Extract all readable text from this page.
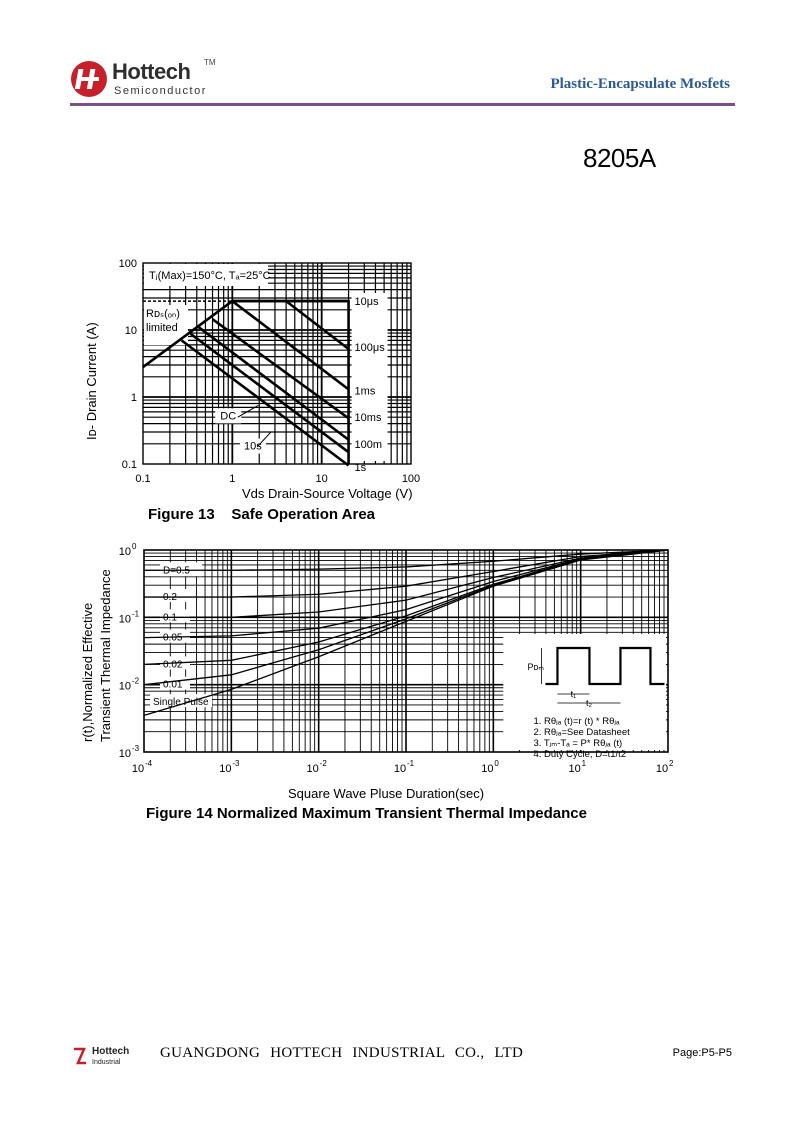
Hottech TM
Semiconductor	Plastic-Encapsulate Mosfets
8205A
0.1	1	10	100
100
10
1
0.1
Tⱼ(Max)=150°C, Tₐ=25°C
Rᴅₛ(ₒₙ)
limited
DC
10s
10μs
100μs
1ms
10ms
100m
1s
Vds Drain-Source Voltage (V)
Iᴅ- Drain Current (A)
Figure 13 Safe Operation Area
10 -4	10 -3	10 -2	10 -1	10 0	10 1	10 2
10 0
10 -1
10 -2
10 -3
D=0.5
0.2
0.1
0.05
0.02
0.01
Single Pulse
Pᴅₘ
t₁
t₂
1. Rθⱼₐ (t)=r (t) * Rθⱼₐ
2. Rθⱼₐ=See Datasheet
3. Tⱼₘ-Tₐ = P* Rθⱼₐ (t)
4. Duty Cycle, D=t1/t2
Square Wave Pluse Duration(sec)
r(t),Normalized Effective Transient Thermal Impedance
Figure 14 Normalized Maximum Transient Thermal Impedance
Hottech
Industrial
GUANGDONG HOTTECH INDUSTRIAL CO., LTD	Page:P5-P5
